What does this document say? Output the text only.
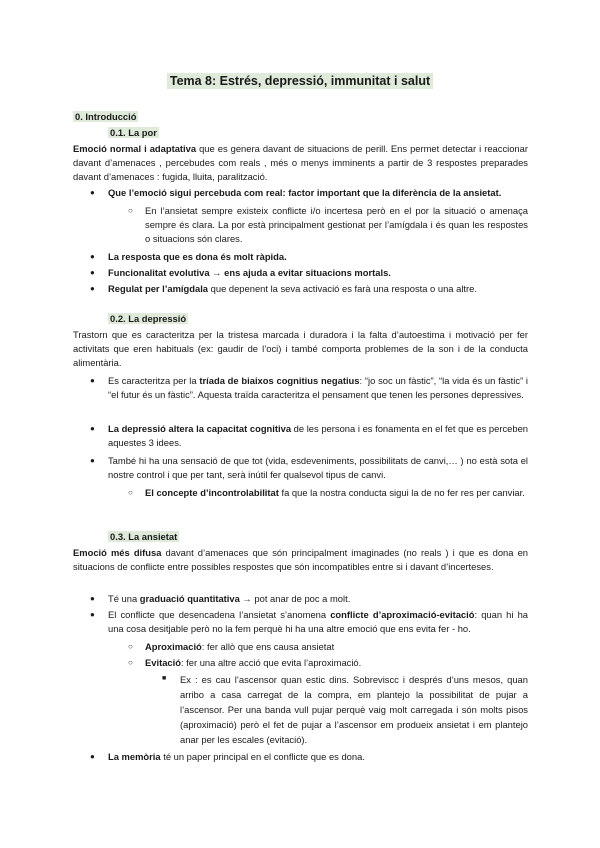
Tema 8: Estrés, depressió, immunitat i salut
0. Introducció
0.1. La por
Emoció normal i adaptativa que es genera davant de situacions de perill. Ens permet detectar i reaccionar davant d’amenaces , percebudes com reals , més o menys imminents a partir de 3 respostes preparades davant d’amenaces : fugida, lluita, paralització.
● Que l’emoció sigui percebuda com real: factor important que la diferència de la ansietat.
○ En l’ansietat sempre existeix conflicte i/o incertesa però en el por la situació o amenaça sempre és clara. La por està principalment gestionat per l’amígdala i és quan les respostes o situacions són clares.
● La resposta que es dona és molt ràpida.
● Funcionalitat evolutiva → ens ajuda a evitar situacions mortals.
● Regulat per l’amígdala que depenent la seva activació es farà una resposta o una altre.
0.2. La depressió
Trastorn que es caracteritza per la tristesa marcada i duradora i la falta d’autoestima i motivació per fer activitats que eren habituals (ex: gaudir de l’oci) i també comporta problemes de la son i de la conducta alimentària.
● Es caracteritza per la tríada de biaixos cognitius negatius: “jo soc un fàstic”, “la vida és un fàstic” i “el futur és un fàstic”. Aquesta traïda caracteritza el pensament que tenen les persones depressives.
● La depressió altera la capacitat cognitiva de les persona i es fonamenta en el fet que es perceben aquestes 3 idees.
● També hi ha una sensació de que tot (vida, esdeveniments, possibilitats de canvi,… ) no està sota el nostre control i que per tant, serà inútil fer qualsevol tipus de canvi.
○ El concepte d’incontrolabilitat fa que la nostra conducta sigui la de no fer res per canviar.
0.3. La ansietat
Emoció més difusa davant d’amenaces que són principalment imaginades (no reals ) i que es dona en situacions de conflicte entre possibles respostes que són incompatibles entre si i davant d’incerteses.
● Té una graduació quantitativa → pot anar de poc a molt.
● El conflicte que desencadena l’ansietat s’anomena conflicte d’aproximació-evitació: quan hi ha una cosa desitjable però no la fem perquè hi ha una altre emoció que ens evita fer - ho.
○ Aproximació: fer allò que ens causa ansietat
○ Evitació: fer una altre acció que evita l’aproximació.
■ Ex : es cau l’ascensor quan estic dins. Sobreviscc i després d’uns mesos, quan arribo a casa carregat de la compra, em plantejo la possibilitat de pujar a l’ascensor. Per una banda vull pujar perquè vaig molt carregada i són molts pisos (aproximació) però el fet de pujar a l’ascensor em produeix ansietat i em plantejo anar per les escales (evitació).
● La memòria té un paper principal en el conflicte que es dona.
